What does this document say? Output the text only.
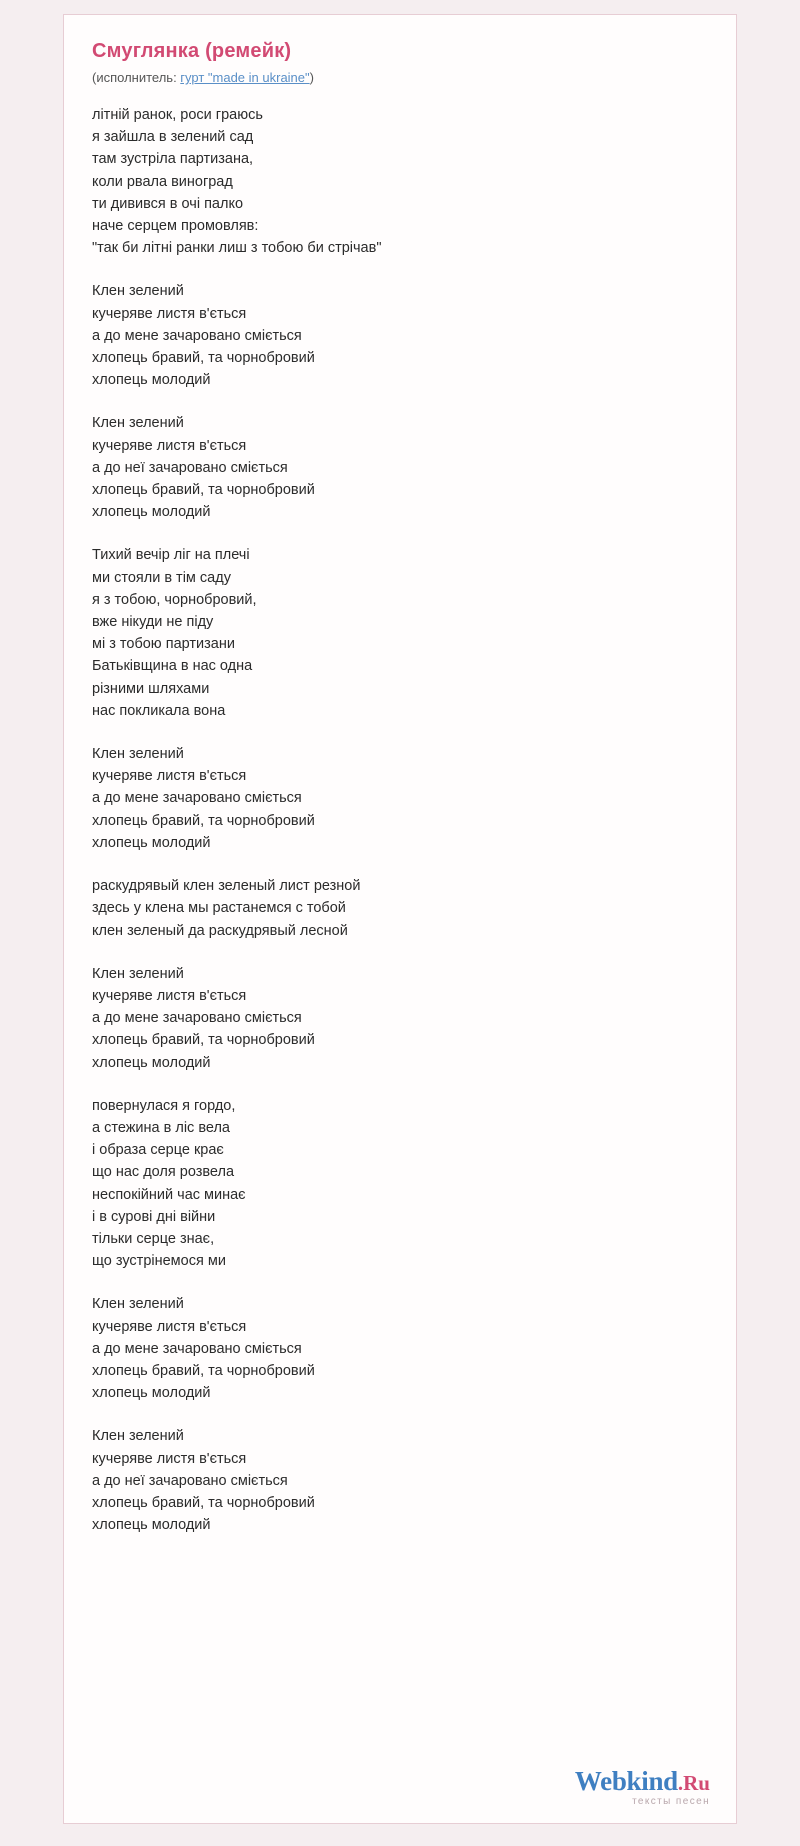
Смуглянка (ремейк)
(исполнитель: гурт "made in ukraine")
літній ранок, роси граюсь
я зайшла в зелений сад
там зустріла партизана,
коли рвала виноград
ти дивився в очі палко
наче серцем промовляв:
"так би літні ранки лиш з тобою би стрічав"
Клен зелений
кучеряве листя в'ється
а до мене зачаровано сміється
хлопець бравий, та чорнобровий
хлопець молодий
Клен зелений
кучеряве листя в'ється
а до неї зачаровано сміється
хлопець бравий, та чорнобровий
хлопець молодий
Тихий вечір ліг на плечі
ми стояли в тім саду
я з тобою, чорнобровий,
вже нікуди не піду
мі з тобою партизани
Батьківщина в нас одна
різними шляхами
нас покликала вона
Клен зелений
кучеряве листя в'ється
а до мене зачаровано сміється
хлопець бравий, та чорнобровий
хлопець молодий
раскудрявый клен зеленый лист резной
здесь у клена мы растанемся с тобой
клен зеленый да раскудрявый лесной
Клен зелений
кучеряве листя в'ється
а до мене зачаровано сміється
хлопець бравий, та чорнобровий
хлопець молодий
повернулася я гордо,
а стежина в ліс вела
і образа серце крає
що нас доля розвела
неспокійний час минає
і в сурові дні війни
тільки серце знає,
що зустрінемося ми
Клен зелений
кучеряве листя в'ється
а до мене зачаровано сміється
хлопець бравий, та чорнобровий
хлопець молодий
Клен зелений
кучеряве листя в'ється
а до неї зачаровано сміється
хлопець бравий, та чорнобровий
хлопець молодий
Webkind.Ru
тексты песен
